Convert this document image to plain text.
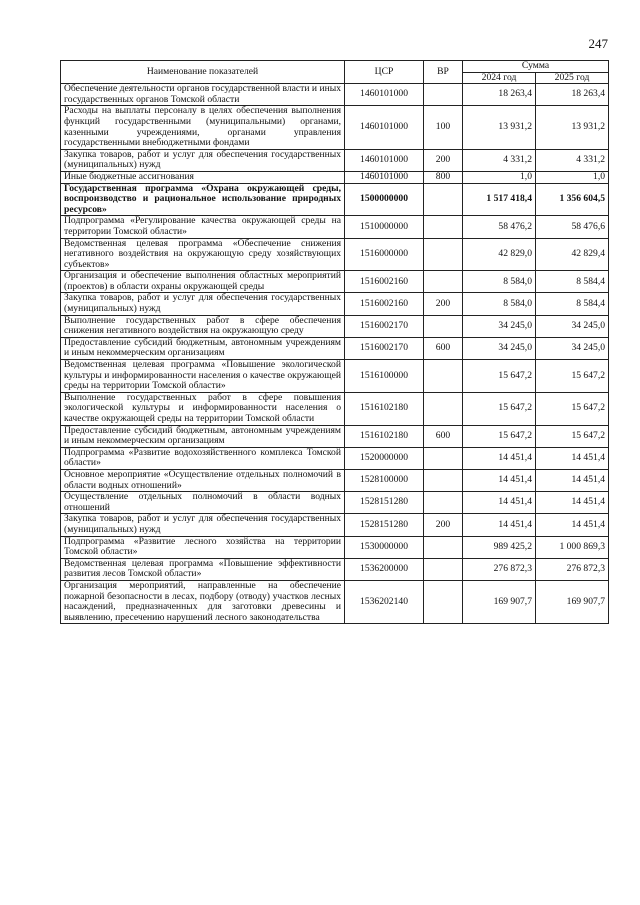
247
Наименование показателей	ЦСР	ВР	Сумма	
			2024 год	2025 год
Обеспечение деятельности органов государственной власти и иных государственных органов Томской области	1460101000		18 263,4	18 263,4
Расходы на выплаты персоналу в целях обеспечения выполнения функций государственными (муниципальными) органами, казенными учреждениями, органами управления государственными внебюджетными фондами	1460101000	100	13 931,2	13 931,2
Закупка товаров, работ и услуг для обеспечения государственных (муниципальных) нужд	1460101000	200	4 331,2	4 331,2
Иные бюджетные ассигнования	1460101000	800	1,0	1,0
Государственная программа «Охрана окружающей среды, воспроизводство и рациональное использование природных ресурсов»	1500000000		1 517 418,4	1 356 604,5
Подпрограмма «Регулирование качества окружающей среды на территории Томской области»	1510000000		58 476,2	58 476,6
Ведомственная целевая программа «Обеспечение снижения негативного воздействия на окружающую среду хозяйствующих субъектов»	1516000000		42 829,0	42 829,4
Организация и обеспечение выполнения областных мероприятий (проектов) в области охраны окружающей среды	1516002160		8 584,0	8 584,4
Закупка товаров, работ и услуг для обеспечения государственных (муниципальных) нужд	1516002160	200	8 584,0	8 584,4
Выполнение государственных работ в сфере обеспечения снижения негативного воздействия на окружающую среду	1516002170		34 245,0	34 245,0
Предоставление субсидий бюджетным, автономным учреждениям и иным некоммерческим организациям	1516002170	600	34 245,0	34 245,0
Ведомственная целевая программа «Повышение экологической культуры и информированности населения о качестве окружающей среды на территории Томской области»	1516100000		15 647,2	15 647,2
Выполнение государственных работ в сфере повышения экологической культуры и информированности населения о качестве окружающей среды на территории Томской области	1516102180		15 647,2	15 647,2
Предоставление субсидий бюджетным, автономным учреждениям и иным некоммерческим организациям	1516102180	600	15 647,2	15 647,2
Подпрограмма «Развитие водохозяйственного комплекса Томской области»	1520000000		14 451,4	14 451,4
Основное мероприятие «Осуществление отдельных полномочий в области водных отношений»	1528100000		14 451,4	14 451,4
Осуществление отдельных полномочий в области водных отношений	1528151280		14 451,4	14 451,4
Закупка товаров, работ и услуг для обеспечения государственных (муниципальных) нужд	1528151280	200	14 451,4	14 451,4
Подпрограмма «Развитие лесного хозяйства на территории Томской области»	1530000000		989 425,2	1 000 869,3
Ведомственная целевая программа «Повышение эффективности развития лесов Томской области»	1536200000		276 872,3	276 872,3
Организация мероприятий, направленные на обеспечение пожарной безопасности в лесах, подбору (отводу) участков лесных насаждений, предназначенных для заготовки древесины и выявлению, пресечению нарушений лесного законодательства	1536202140		169 907,7	169 907,7
